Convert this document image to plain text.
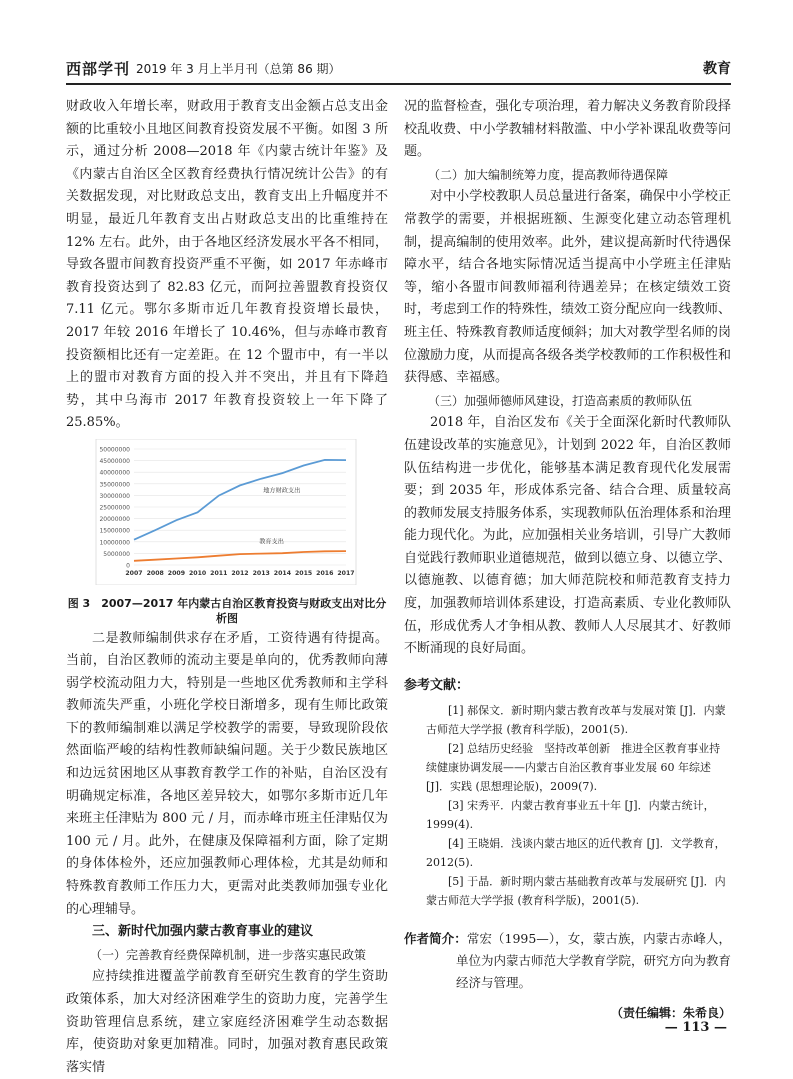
西部学刊 2019 年 3 月上半月刊（总第 86 期）	教育

财政收入年增长率，财政用于教育支出金额占总支出金额的比重较小且地区间教育投资发展不平衡。如图 3 所示，通过分析 2008—2018 年《内蒙古统计年鉴》及《内蒙古自治区全区教育经费执行情况统计公告》的有关数据发现，对比财政总支出，教育支出上升幅度并不明显，最近几年教育支出占财政总支出的比重维持在 12% 左右。此外，由于各地区经济发展水平各不相同，导致各盟市间教育投资严重不平衡，如 2017 年赤峰市教育投资达到了 82.83 亿元，而阿拉善盟教育投资仅 7.11 亿元。鄂尔多斯市近几年教育投资增长最快，2017 年较 2016 年增长了 10.46%，但与赤峰市教育投资额相比还有一定差距。在 12 个盟市中，有一半以上的盟市对教育方面的投入并不突出，并且有下降趋势，其中乌海市 2017 年教育投资较上一年下降了 25.85%。

0
5000000
10000000
15000000
20000000
25000000
30000000
35000000
40000000
45000000
50000000
2007 2008 2009 2010 2011 2012 2013 2014 2015 2016 2017
地方财政支出
教育支出
图 3　2007—2017 年内蒙古自治区教育投资与财政支出对比分析图

二是教师编制供求存在矛盾，工资待遇有待提高。当前，自治区教师的流动主要是单向的，优秀教师向薄弱学校流动阻力大，特别是一些地区优秀教师和主学科教师流失严重，小班化学校日渐增多，现有生师比政策下的教师编制难以满足学校教学的需要，导致现阶段依然面临严峻的结构性教师缺编问题。关于少数民族地区和边远贫困地区从事教育教学工作的补贴，自治区没有明确规定标准，各地区差异较大，如鄂尔多斯市近几年来班主任津贴为 800 元 / 月，而赤峰市班主任津贴仅为 100 元 / 月。此外，在健康及保障福利方面，除了定期的身体体检外，还应加强教师心理体检，尤其是幼师和特殊教育教师工作压力大，更需对此类教师加强专业化的心理辅导。

三、新时代加强内蒙古教育事业的建议

（一）完善教育经费保障机制，进一步落实惠民政策

应持续推进覆盖学前教育至研究生教育的学生资助政策体系，加大对经济困难学生的资助力度，完善学生资助管理信息系统，建立家庭经济困难学生动态数据库，使资助对象更加精准。同时，加强对教育惠民政策落实情

况的监督检查，强化专项治理，着力解决义务教育阶段择校乱收费、中小学教辅材料散滥、中小学补课乱收费等问题。

（二）加大编制统筹力度，提高教师待遇保障

对中小学校教职人员总量进行备案，确保中小学校正常教学的需要，并根据班额、生源变化建立动态管理机制，提高编制的使用效率。此外，建议提高新时代待遇保障水平，结合各地实际情况适当提高中小学班主任津贴等，缩小各盟市间教师福利待遇差异；在核定绩效工资时，考虑到工作的特殊性，绩效工资分配应向一线教师、班主任、特殊教育教师适度倾斜；加大对教学型名师的岗位激励力度，从而提高各级各类学校教师的工作积极性和获得感、幸福感。

（三）加强师德师风建设，打造高素质的教师队伍

2018 年，自治区发布《关于全面深化新时代教师队伍建设改革的实施意见》，计划到 2022 年，自治区教师队伍结构进一步优化，能够基本满足教育现代化发展需要；到 2035 年，形成体系完备、结合合理、质量较高的教师发展支持服务体系，实现教师队伍治理体系和治理能力现代化。为此，应加强相关业务培训，引导广大教师自觉践行教师职业道德规范，做到以德立身、以德立学、以德施教、以德育德；加大师范院校和师范教育支持力度，加强教师培训体系建设，打造高素质、专业化教师队伍，形成优秀人才争相从教、教师人人尽展其才、好教师不断涌现的良好局面。

参考文献：

[1] 郝保文．新时期内蒙古教育改革与发展对策 [J]．内蒙古师范大学学报 (教育科学版)，2001(5).

[2] 总结历史经验　坚持改革创新　推进全区教育事业持续健康协调发展——内蒙古自治区教育事业发展 60 年综述 [J]．实践 (思想理论版)，2009(7).

[3] 宋秀平．内蒙古教育事业五十年 [J]．内蒙古统计，1999(4).

[4] 王晓娟．浅谈内蒙古地区的近代教育 [J]．文学教育，2012(5).

[5] 于晶．新时期内蒙古基础教育改革与发展研究 [J]．内蒙古师范大学学报 (教育科学版)，2001(5).

作者简介：常宏（1995—），女，蒙古族，内蒙古赤峰人，单位为内蒙古师范大学教育学院，研究方向为教育经济与管理。
（责任编辑：朱希良）
— 113 —
